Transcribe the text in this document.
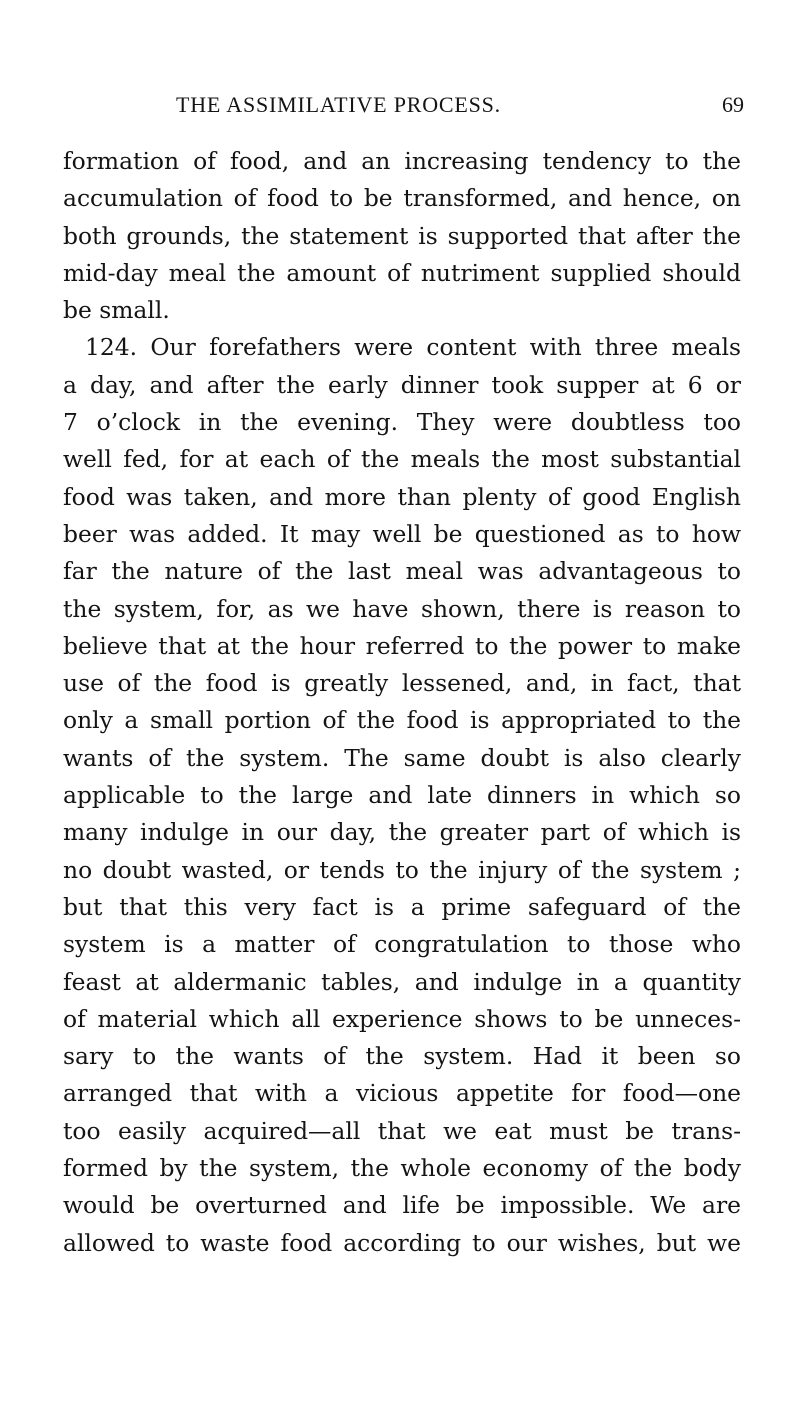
THE ASSIMILATIVE PROCESS.	69
formation of food, and an increasing tendency to the
accumulation of food to be transformed, and hence, on
both grounds, the statement is supported that after the
mid-day meal the amount of nutriment supplied should
be small.
124. Our forefathers were content with three meals
a day, and after the early dinner took supper at 6 or
7 o’clock in the evening. They were doubtless too
well fed, for at each of the meals the most substantial
food was taken, and more than plenty of good English
beer was added. It may well be questioned as to how
far the nature of the last meal was advantageous to
the system, for, as we have shown, there is reason to
believe that at the hour referred to the power to make
use of the food is greatly lessened, and, in fact, that
only a small portion of the food is appropriated to the
wants of the system. The same doubt is also clearly
applicable to the large and late dinners in which so
many indulge in our day, the greater part of which is
no doubt wasted, or tends to the injury of the system ;
but that this very fact is a prime safeguard of the
system is a matter of congratulation to those who
feast at aldermanic tables, and indulge in a quantity
of material which all experience shows to be unneces-
sary to the wants of the system. Had it been so
arranged that with a vicious appetite for food—one
too easily acquired—all that we eat must be trans-
formed by the system, the whole economy of the body
would be overturned and life be impossible. We are
allowed to waste food according to our wishes, but we
